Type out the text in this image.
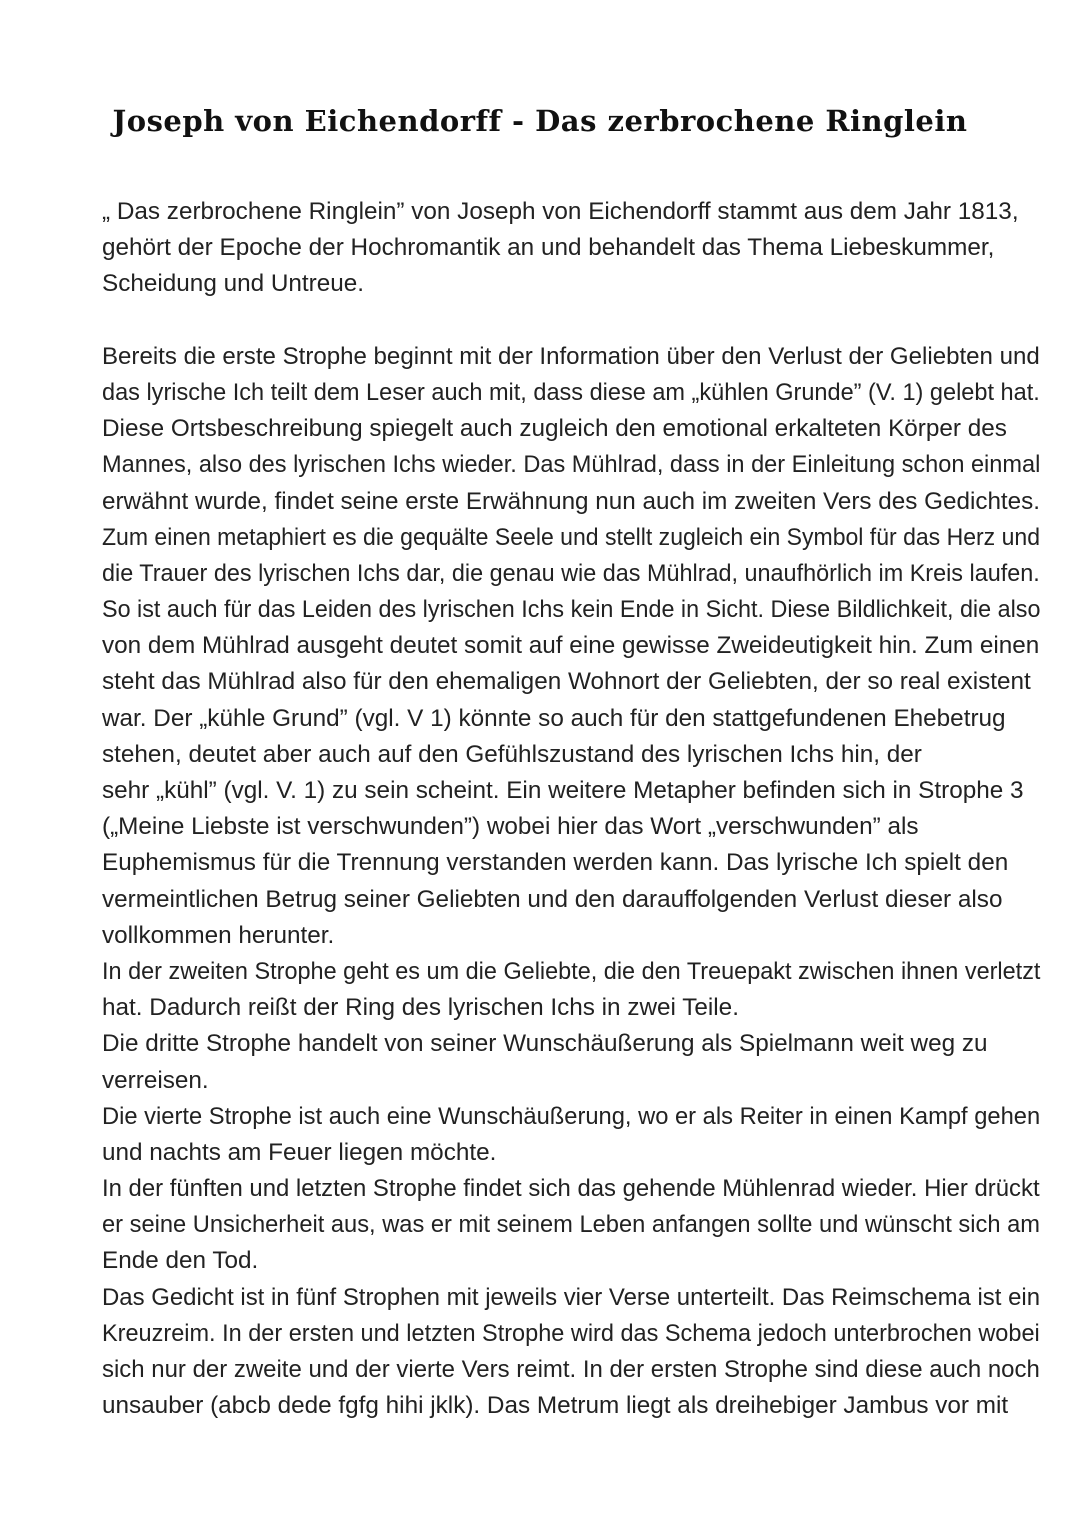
Joseph von Eichendorff - Das zerbrochene Ringlein
„ Das zerbrochene Ringlein” von Joseph von Eichendorff stammt aus dem Jahr 1813,
gehört der Epoche der Hochromantik an und behandelt das Thema Liebeskummer,
Scheidung und Untreue.
Bereits die erste Strophe beginnt mit der Information über den Verlust der Geliebten und
das lyrische Ich teilt dem Leser auch mit, dass diese am „kühlen Grunde” (V. 1) gelebt hat.
Diese Ortsbeschreibung spiegelt auch zugleich den emotional erkalteten Körper des
Mannes, also des lyrischen Ichs wieder. Das Mühlrad, dass in der Einleitung schon einmal
erwähnt wurde, findet seine erste Erwähnung nun auch im zweiten Vers des Gedichtes.
Zum einen metaphiert es die gequälte Seele und stellt zugleich ein Symbol für das Herz und
die Trauer des lyrischen Ichs dar, die genau wie das Mühlrad, unaufhörlich im Kreis laufen.
So ist auch für das Leiden des lyrischen Ichs kein Ende in Sicht. Diese Bildlichkeit, die also
von dem Mühlrad ausgeht deutet somit auf eine gewisse Zweideutigkeit hin. Zum einen
steht das Mühlrad also für den ehemaligen Wohnort der Geliebten, der so real existent
war. Der „kühle Grund” (vgl. V 1) könnte so auch für den stattgefundenen Ehebetrug
stehen, deutet aber auch auf den Gefühlszustand des lyrischen Ichs hin, der
sehr „kühl” (vgl. V. 1) zu sein scheint. Ein weitere Metapher befinden sich in Strophe 3
(„Meine Liebste ist verschwunden”) wobei hier das Wort „verschwunden” als
Euphemismus für die Trennung verstanden werden kann. Das lyrische Ich spielt den
vermeintlichen Betrug seiner Geliebten und den darauffolgenden Verlust dieser also
vollkommen herunter.
In der zweiten Strophe geht es um die Geliebte, die den Treuepakt zwischen ihnen verletzt
hat. Dadurch reißt der Ring des lyrischen Ichs in zwei Teile.
Die dritte Strophe handelt von seiner Wunschäußerung als Spielmann weit weg zu
verreisen.
Die vierte Strophe ist auch eine Wunschäußerung, wo er als Reiter in einen Kampf gehen
und nachts am Feuer liegen möchte.
In der fünften und letzten Strophe findet sich das gehende Mühlenrad wieder. Hier drückt
er seine Unsicherheit aus, was er mit seinem Leben anfangen sollte und wünscht sich am
Ende den Tod.
Das Gedicht ist in fünf Strophen mit jeweils vier Verse unterteilt. Das Reimschema ist ein
Kreuzreim. In der ersten und letzten Strophe wird das Schema jedoch unterbrochen wobei
sich nur der zweite und der vierte Vers reimt. In der ersten Strophe sind diese auch noch
unsauber (abcb dede fgfg hihi jklk). Das Metrum liegt als dreihebiger Jambus vor mit
